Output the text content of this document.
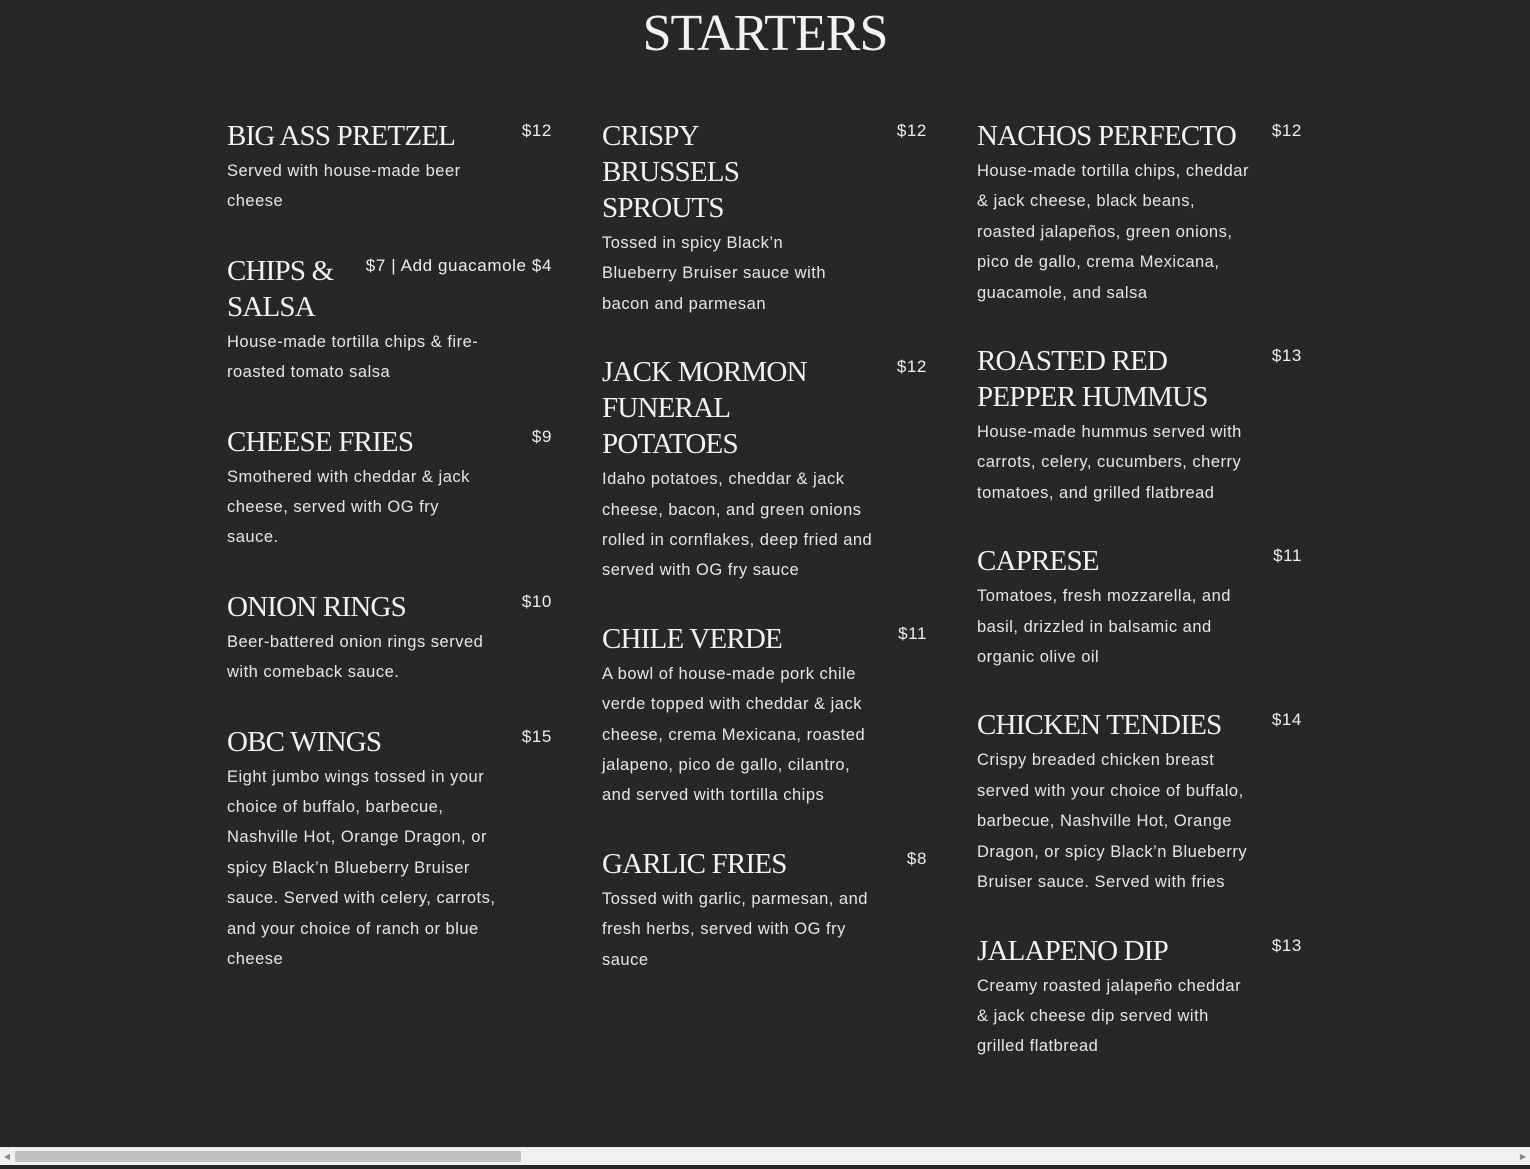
STARTERS
BIG ASS PRETZEL	$12
Served with house-made beer cheese
CHIPS & SALSA
$7 | Add guacamole $4
House-made tortilla chips & fire-roasted tomato salsa
CHEESE FRIES	$9
Smothered with cheddar & jack cheese, served with OG fry sauce.
ONION RINGS	$10
Beer-battered onion rings served with comeback sauce.
OBC WINGS	$15
Eight jumbo wings tossed in your choice of buffalo, barbecue, Nashville Hot, Orange Dragon, or spicy Black’n Blueberry Bruiser sauce. Served with celery, carrots, and your choice of ranch or blue cheese
CRISPY BRUSSELS SPROUTS
$12
Tossed in spicy Black’n Blueberry Bruiser sauce with bacon and parmesan
JACK MORMON FUNERAL POTATOES
$12
Idaho potatoes, cheddar & jack cheese, bacon, and green onions rolled in cornflakes, deep fried and served with OG fry sauce
CHILE VERDE	$11
A bowl of house-made pork chile verde topped with cheddar & jack cheese, crema Mexicana, roasted jalapeno, pico de gallo, cilantro, and served with tortilla chips
GARLIC FRIES	$8
Tossed with garlic, parmesan, and fresh herbs, served with OG fry sauce
NACHOS PERFECTO $12
House-made tortilla chips, cheddar & jack cheese, black beans, roasted jalapeños, green onions, pico de gallo, crema Mexicana, guacamole, and salsa
ROASTED RED PEPPER HUMMUS
$13
House-made hummus served with carrots, celery, cucumbers, cherry tomatoes, and grilled flatbread
CAPRESE	$11
Tomatoes, fresh mozzarella, and basil, drizzled in balsamic and organic olive oil
CHICKEN TENDIES	$14
Crispy breaded chicken breast served with your choice of buffalo, barbecue, Nashville Hot, Orange Dragon, or spicy Black’n Blueberry Bruiser sauce. Served with fries
JALAPENO DIP	$13
Creamy roasted jalapeño cheddar & jack cheese dip served with grilled flatbread
◀	▶
